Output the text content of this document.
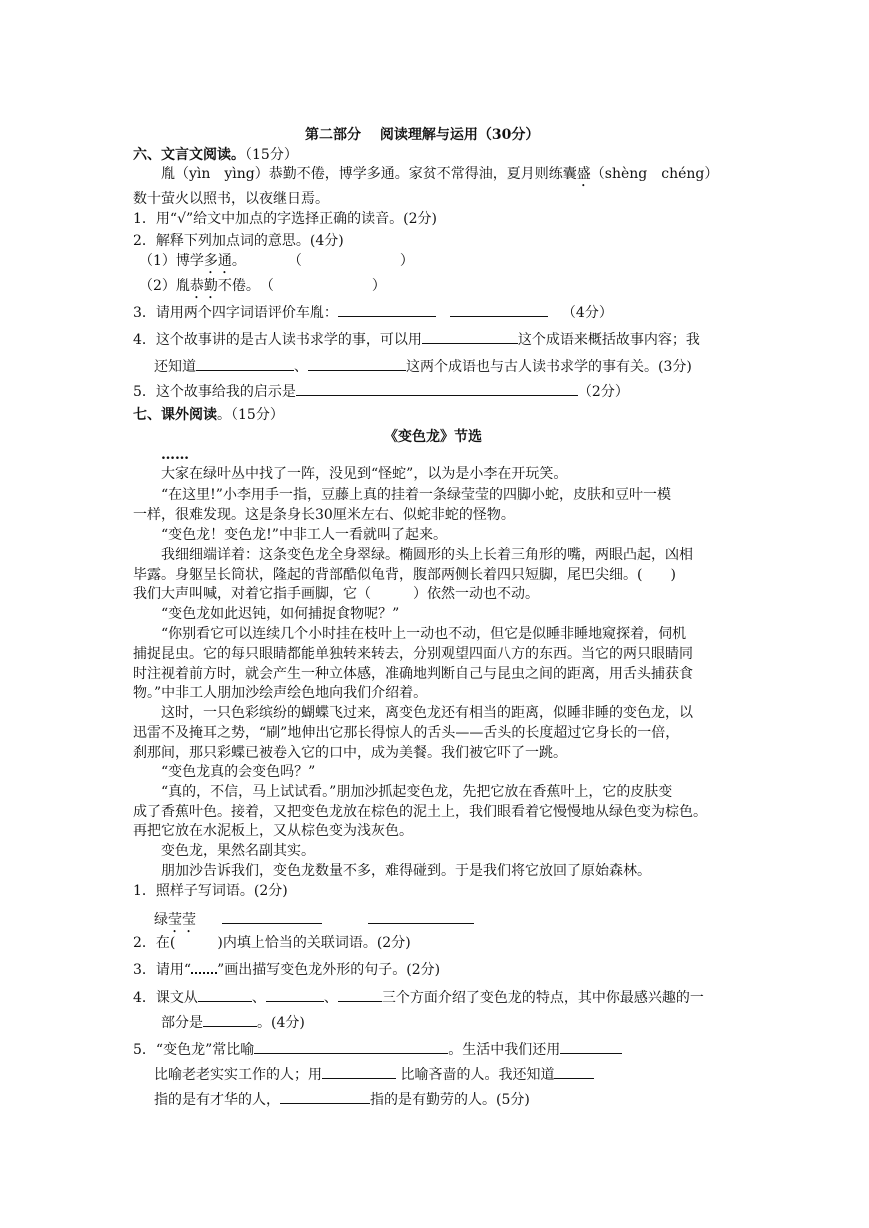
第二部分　 阅读理解与运用（30分）
六、文言文阅读。（15分）
胤（yìn　yìng）恭勤不倦，博学多通。家贫不常得油，夏月则练囊盛（shèng　chéng）
数十萤火以照书，以夜继日焉。
1．用“√”给文中加点的字选择正确的读音。(2分)
2．解释下列加点词的意思。(4分)
（1）博学多通。　　　　（　　　　　　　）
（2）胤恭勤不倦。　（　　　　　　　）
3．请用两个四字词语评价车胤：	（4分）
4．这个故事讲的是古人读书求学的事，可以用	这个成语来概括故事内容；我
还知道	、	这两个成语也与古人读书求学的事有关。(3分)
5．这个故事给我的启示是	（2分）
七、课外阅读。（15分）
《变色龙》节选
……
大家在绿叶丛中找了一阵，没见到“怪蛇”，以为是小李在开玩笑。
“在这里!”小李用手一指，豆藤上真的挂着一条绿莹莹的四脚小蛇，皮肤和豆叶一模
一样，很难发现。这是条身长30厘米左右、似蛇非蛇的怪物。
“变色龙！变色龙!”中非工人一看就叫了起来。
我细细端详着：这条变色龙全身翠绿。椭圆形的头上长着三角形的嘴，两眼凸起，凶相
毕露。身躯呈长筒状，隆起的背部酷似龟背，腹部两侧长着四只短脚，尾巴尖细。(　　)
我们大声叫喊，对着它指手画脚，它（　　　）依然一动也不动。
“变色龙如此迟钝，如何捕捉食物呢？”
“你别看它可以连续几个小时挂在枝叶上一动也不动，但它是似睡非睡地窥探着，伺机
捕捉昆虫。它的每只眼睛都能单独转来转去，分别观望四面八方的东西。当它的两只眼睛同
时注视着前方时，就会产生一种立体感，准确地判断自己与昆虫之间的距离，用舌头捕获食
物。”中非工人朋加沙绘声绘色地向我们介绍着。
这时，一只色彩缤纷的蝴蝶飞过来，离变色龙还有相当的距离，似睡非睡的变色龙，以
迅雷不及掩耳之势，“刷”地伸出它那长得惊人的舌头——舌头的长度超过它身长的一倍，
刹那间，那只彩蝶已被卷入它的口中，成为美餐。我们被它吓了一跳。
“变色龙真的会变色吗？”
“真的，不信，马上试试看。”朋加沙抓起变色龙，先把它放在香蕉叶上，它的皮肤变
成了香蕉叶色。接着，又把变色龙放在棕色的泥土上，我们眼看着它慢慢地从绿色变为棕色。
再把它放在水泥板上，又从棕色变为浅灰色。
变色龙，果然名副其实。
朋加沙告诉我们，变色龙数量不多，难得碰到。于是我们将它放回了原始森林。
1．照样子写词语。(2分)
绿莹莹
2．在(　　　)内填上恰当的关联词语。(2分)
3．请用“ ”画出描写变色龙外形的句子。(2分)
4．课文从	、	、	三个方面介绍了变色龙的特点，其中你最感兴趣的一
部分是	。(4分)
5．“变色龙”常比喻	。生活中我们还用
比喻老老实实工作的人；用	比喻吝啬的人。我还知道
指的是有才华的人，	指的是有勤劳的人。(5分)
